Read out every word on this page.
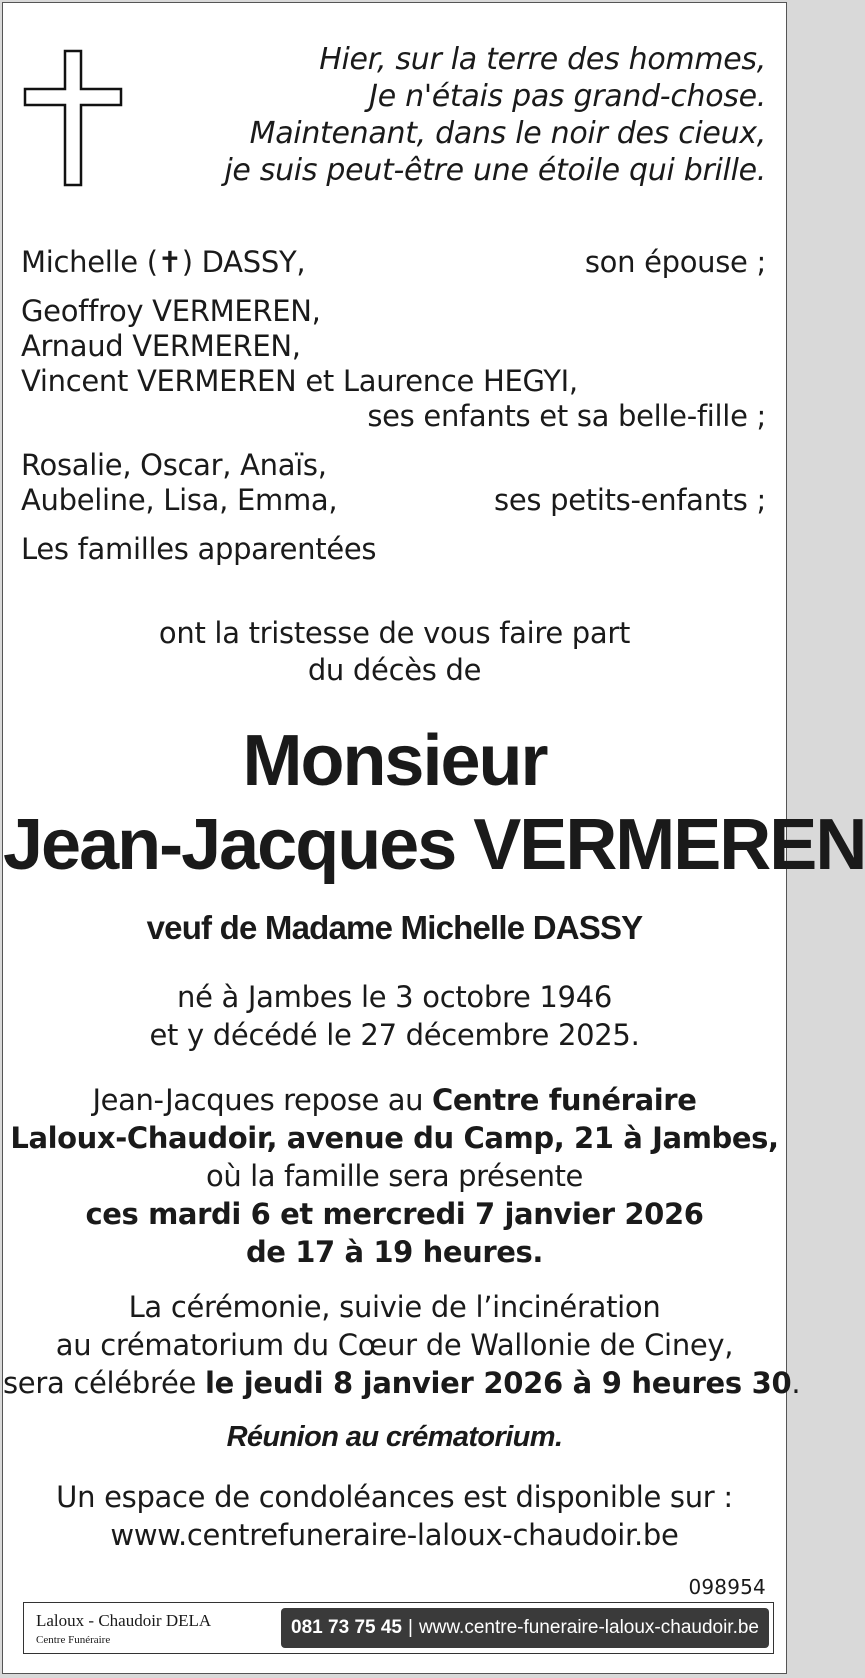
Hier, sur la terre des hommes,
Je n'étais pas grand-chose.
Maintenant, dans le noir des cieux,
je suis peut-être une étoile qui brille.
Michelle (✝) DASSY,	son épouse ;
Geoffroy VERMEREN,
Arnaud VERMEREN,
Vincent VERMEREN et Laurence HEGYI,
ses enfants et sa belle-fille ;
Rosalie, Oscar, Anaïs,
Aubeline, Lisa, Emma,	ses petits-enfants ;
Les familles apparentées
ont la tristesse de vous faire part
du décès de
Monsieur
Jean-Jacques VERMEREN
veuf de Madame Michelle DASSY
né à Jambes le 3 octobre 1946
et y décédé le 27 décembre 2025.
Jean-Jacques repose au Centre funéraire
Laloux-Chaudoir, avenue du Camp, 21 à Jambes,
où la famille sera présente
ces mardi 6 et mercredi 7 janvier 2026
de 17 à 19 heures.
La cérémonie, suivie de l’incinération
au crématorium du Cœur de Wallonie de Ciney,
sera célébrée le jeudi 8 janvier 2026 à 9 heures 30.
Réunion au crématorium.
Un espace de condoléances est disponible sur :
www.centrefuneraire-laloux-chaudoir.be
098954
Laloux - Chaudoir DELA
Centre Funéraire
081 73 75 45 | www.centre-funeraire-laloux-chaudoir.be
